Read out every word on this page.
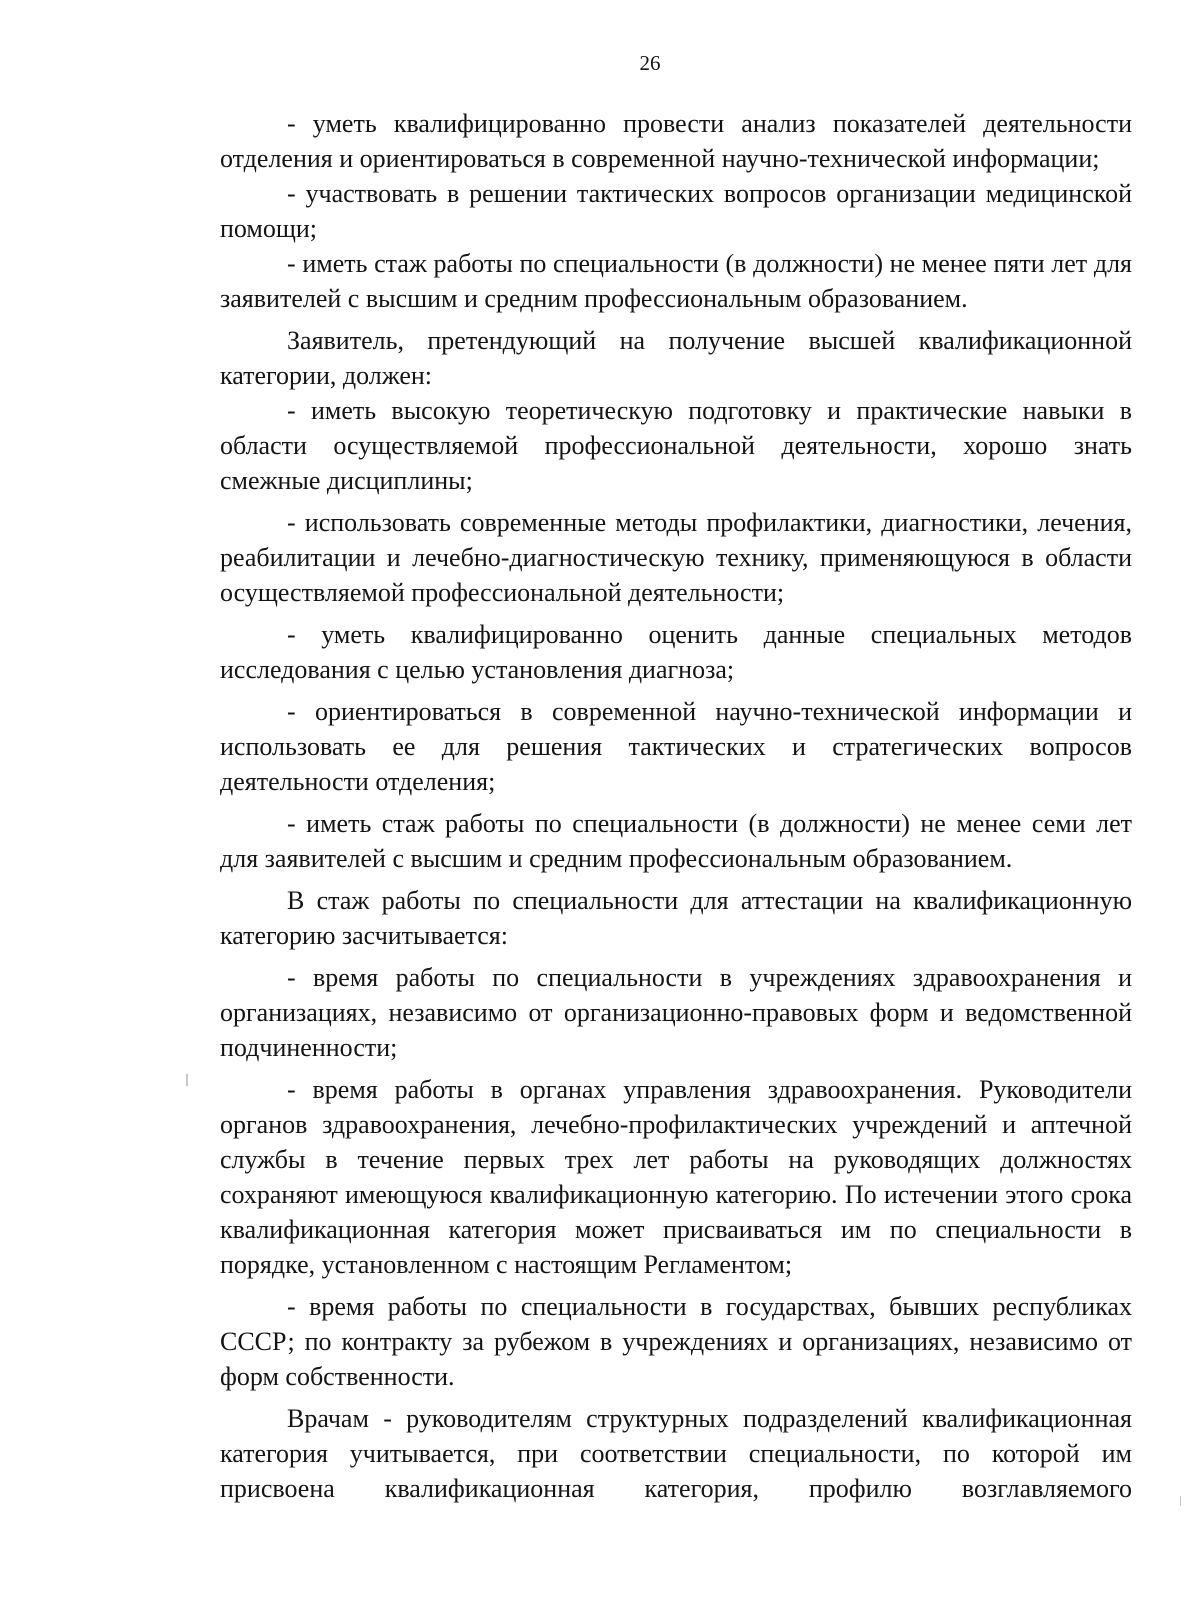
26

- уметь квалифицированно провести анализ показателей деятельности отделения и ориентироваться в современной научно-технической информации;

- участвовать в решении тактических вопросов организации медицинской помощи;

- иметь стаж работы по специальности (в должности) не менее пяти лет для заявителей с высшим и средним профессиональным образованием.

Заявитель, претендующий на получение высшей квалификационной категории, должен:

- иметь высокую теоретическую подготовку и практические навыки в области осуществляемой профессиональной деятельности, хорошо знать смежные дисциплины;

- использовать современные методы профилактики, диагностики, лечения, реабилитации и лечебно-диагностическую технику, применяющуюся в области осуществляемой профессиональной деятельности;

- уметь квалифицированно оценить данные специальных методов исследования с целью установления диагноза;

- ориентироваться в современной научно-технической информации и использовать ее для решения тактических и стратегических вопросов деятельности отделения;

- иметь стаж работы по специальности (в должности) не менее семи лет для заявителей с высшим и средним профессиональным образованием.

В стаж работы по специальности для аттестации на квалификационную категорию засчитывается:

- время работы по специальности в учреждениях здравоохранения и организациях, независимо от организационно-правовых форм и ведомственной подчиненности;

- время работы в органах управления здравоохранения. Руководители органов здравоохранения, лечебно-профилактических учреждений и аптечной службы в течение первых трех лет работы на руководящих должностях сохраняют имеющуюся квалификационную категорию. По истечении этого срока квалификационная категория может присваиваться им по специальности в порядке, установленном с настоящим Регламентом;

- время работы по специальности в государствах, бывших республиках СССР; по контракту за рубежом в учреждениях и организациях, независимо от форм собственности.

Врачам - руководителям структурных подразделений квалификационная категория учитывается, при соответствии специальности, по которой им присвоена квалификационная категория, профилю возглавляемого
